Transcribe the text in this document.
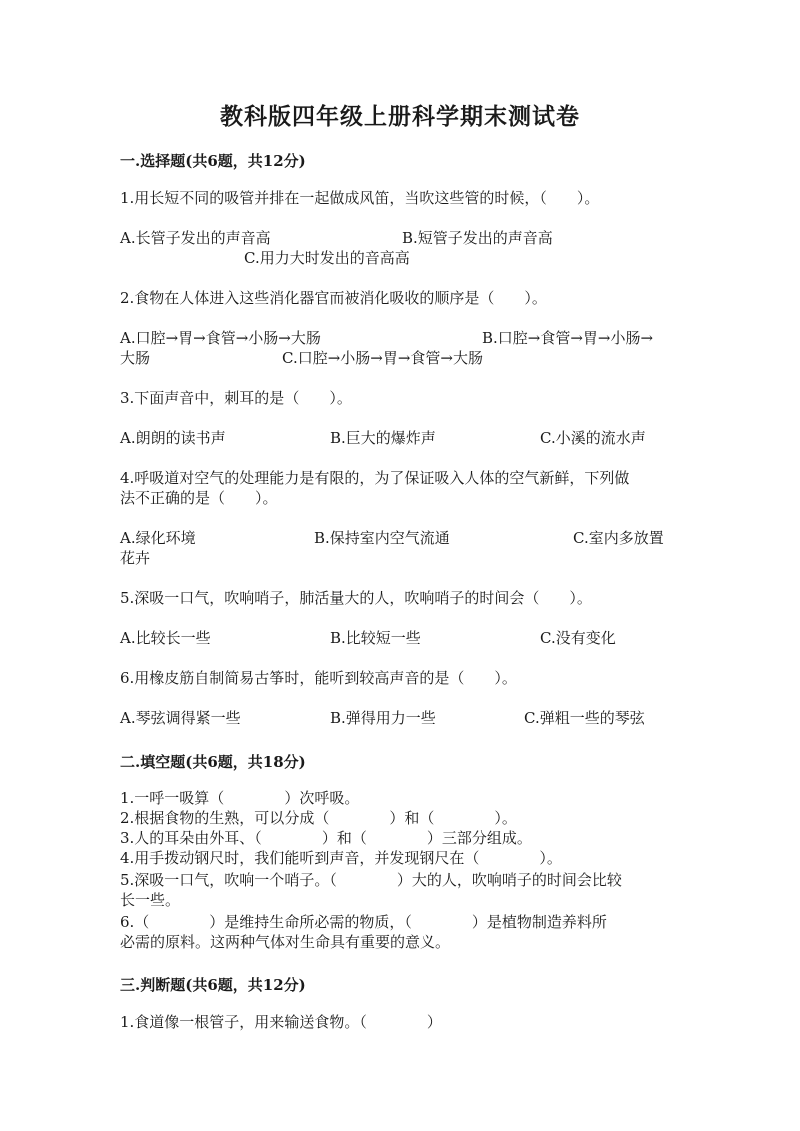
教科版四年级上册科学期末测试卷
一.选择题(共6题，共12分)
1.用长短不同的吸管并排在一起做成风笛，当吹这些管的时候，（　　）。
A.长管子发出的声音高	B.短管子发出的声音高
C.用力大时发出的音高高
2.食物在人体进入这些消化器官而被消化吸收的顺序是（　　）。
A.口腔→胃→食管→小肠→大肠	B.口腔→食管→胃→小肠→
大肠	C.口腔→小肠→胃→食管→大肠
3.下面声音中，刺耳的是（　　）。
A.朗朗的读书声	B.巨大的爆炸声	C.小溪的流水声
4.呼吸道对空气的处理能力是有限的，为了保证吸入人体的空气新鲜，下列做
法不正确的是（　　）。
A.绿化环境	B.保持室内空气流通	C.室内多放置
花卉
5.深吸一口气，吹响哨子，肺活量大的人，吹响哨子的时间会（　　）。
A.比较长一些	B.比较短一些	C.没有变化
6.用橡皮筋自制简易古筝时，能听到较高声音的是（　　）。
A.琴弦调得紧一些	B.弹得用力一些	C.弹粗一些的琴弦
二.填空题(共6题，共18分)
1.一呼一吸算（　　　　）次呼吸。
2.根据食物的生熟，可以分成（　　　　）和（　　　　）。
3.人的耳朵由外耳、（　　　　）和（　　　　）三部分组成。
4.用手拨动钢尺时，我们能听到声音，并发现钢尺在（　　　　）。
5.深吸一口气，吹响一个哨子。（　　　　）大的人，吹响哨子的时间会比较
长一些。
6.（　　　　）是维持生命所必需的物质，（　　　　）是植物制造养料所
必需的原料。这两种气体对生命具有重要的意义。
三.判断题(共6题，共12分)
1.食道像一根管子，用来输送食物。（　　　　）
